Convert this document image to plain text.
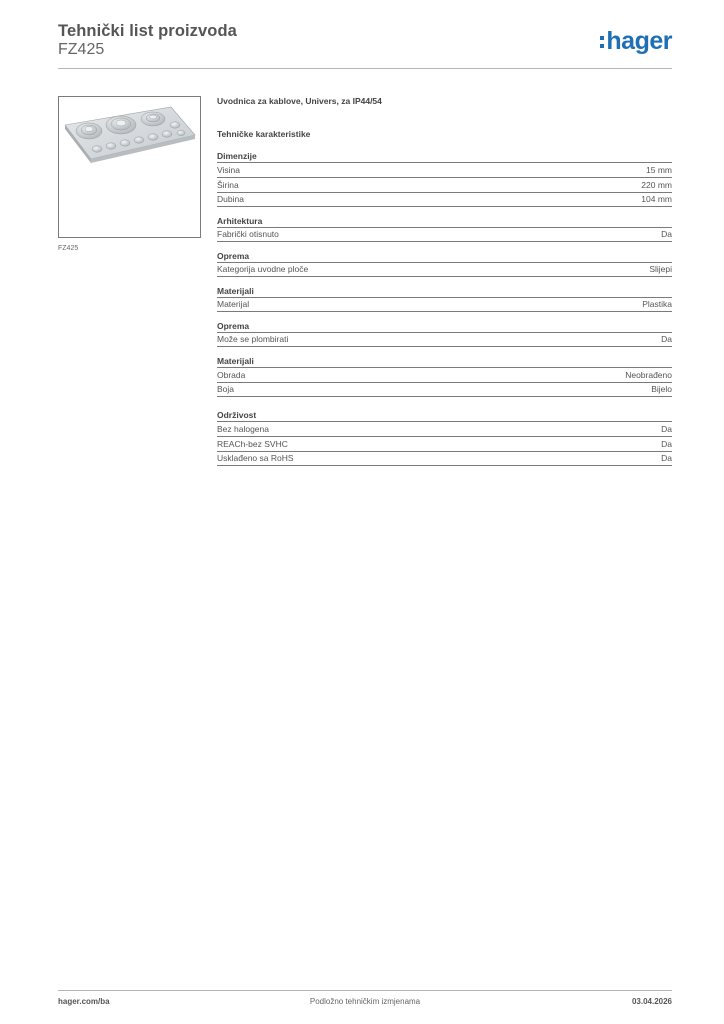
Tehnički list proizvoda
FZ425	hager
FZ425
Uvodnica za kablove, Univers, za IP44/54
Tehničke karakteristike
Dimenzije
Visina	15 mm
Širina	220 mm
Dubina	104 mm
Arhitektura
Fabrički otisnuto	Da
Oprema
Kategorija uvodne ploče	Slijepi
Materijali
Materijal	Plastika
Oprema
Može se plombirati	Da
Materijali
Obrada	Neobrađeno
Boja	Bijelo
Održivost
Bez halogena	Da
REACh-bez SVHC	Da
Usklađeno sa RoHS	Da
hager.com/ba	Podložno tehničkim izmjenama	03.04.2026
